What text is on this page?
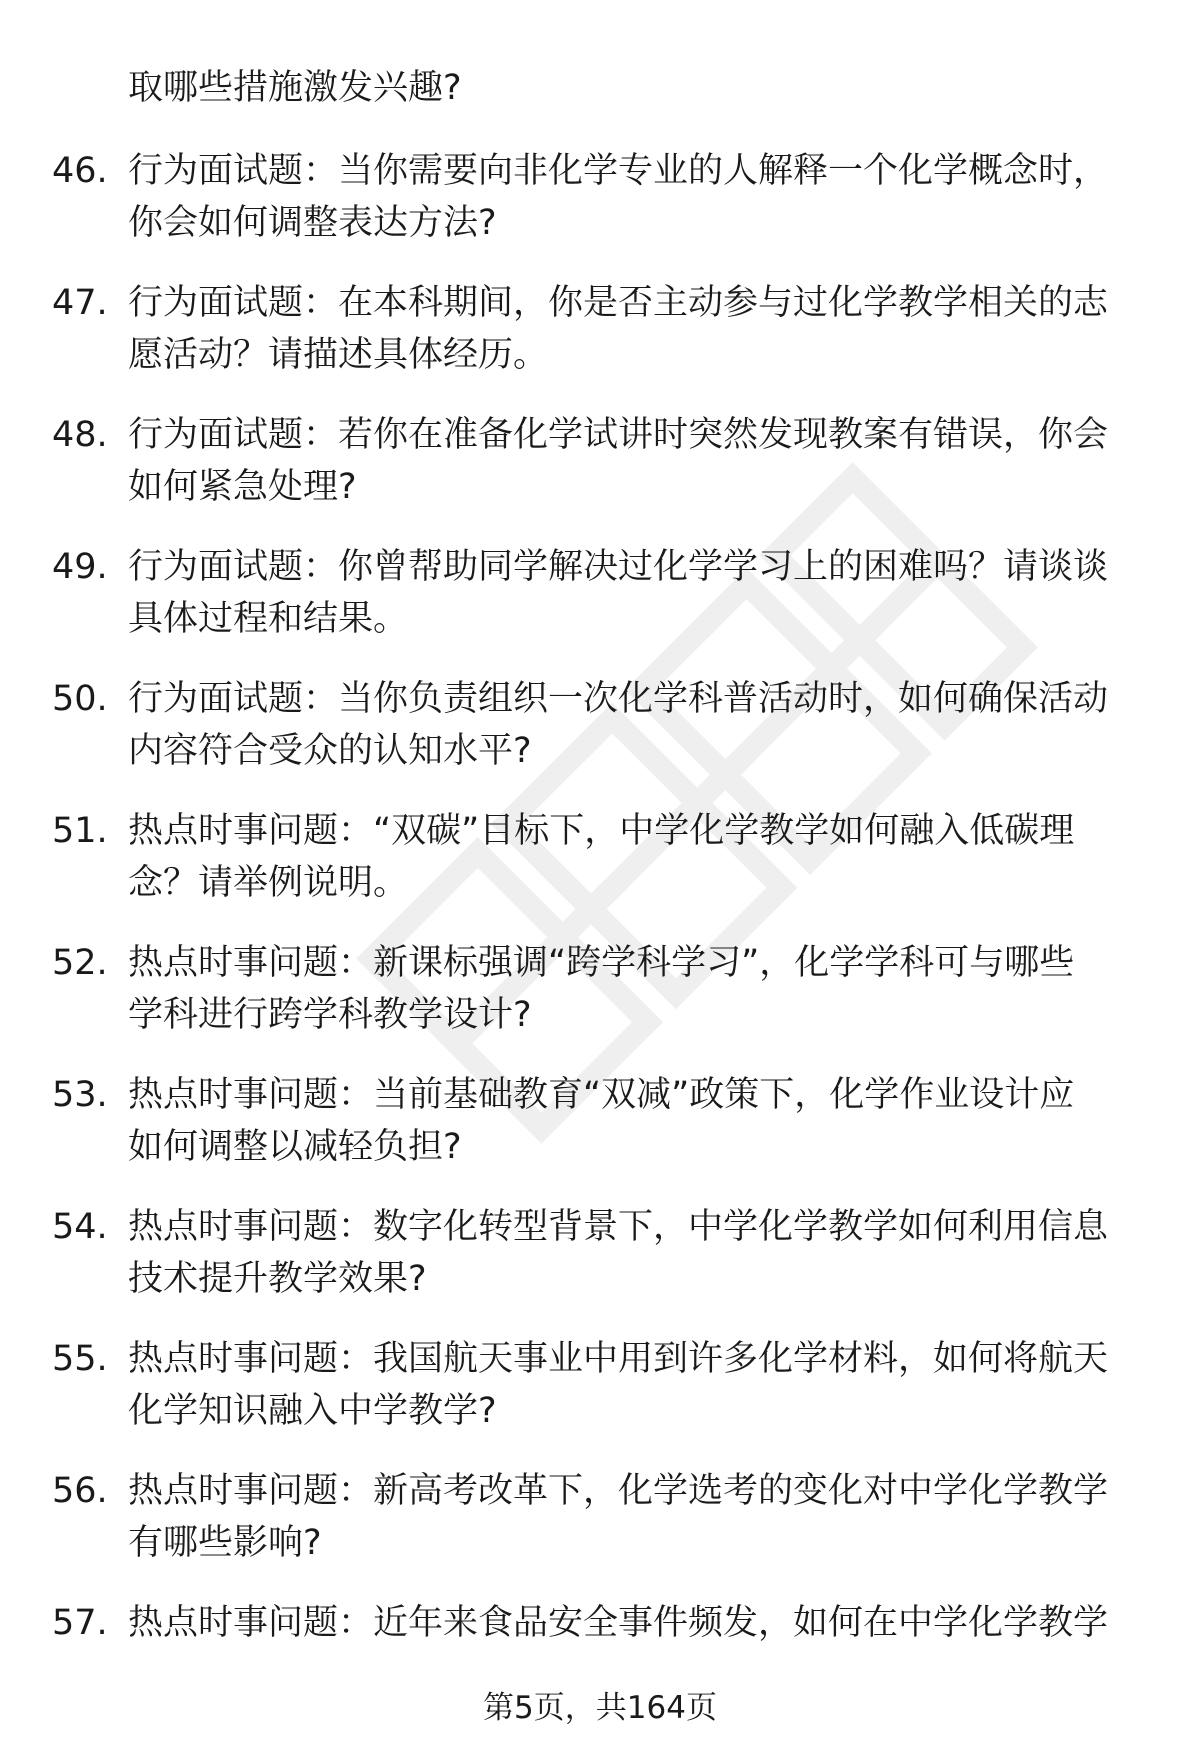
取哪些措施激发兴趣?
46. 行为面试题：当你需要向非化学专业的人解释一个化学概念时，
你会如何调整表达方法?
47. 行为面试题：在本科期间，你是否主动参与过化学教学相关的志
愿活动？请描述具体经历。
48. 行为面试题：若你在准备化学试讲时突然发现教案有错误，你会
如何紧急处理?
49. 行为面试题：你曾帮助同学解决过化学学习上的困难吗？请谈谈
具体过程和结果。
50. 行为面试题：当你负责组织一次化学科普活动时，如何确保活动
内容符合受众的认知水平?
51. 热点时事问题：“双碳”目标下，中学化学教学如何融入低碳理
念？请举例说明。
52. 热点时事问题：新课标强调“跨学科学习”，化学学科可与哪些
学科进行跨学科教学设计?
53. 热点时事问题：当前基础教育“双减”政策下，化学作业设计应
如何调整以减轻负担?
54. 热点时事问题：数字化转型背景下，中学化学教学如何利用信息
技术提升教学效果?
55. 热点时事问题：我国航天事业中用到许多化学材料，如何将航天
化学知识融入中学教学?
56. 热点时事问题：新高考改革下，化学选考的变化对中学化学教学
有哪些影响?
57. 热点时事问题：近年来食品安全事件频发，如何在中学化学教学
第5页，共164页
